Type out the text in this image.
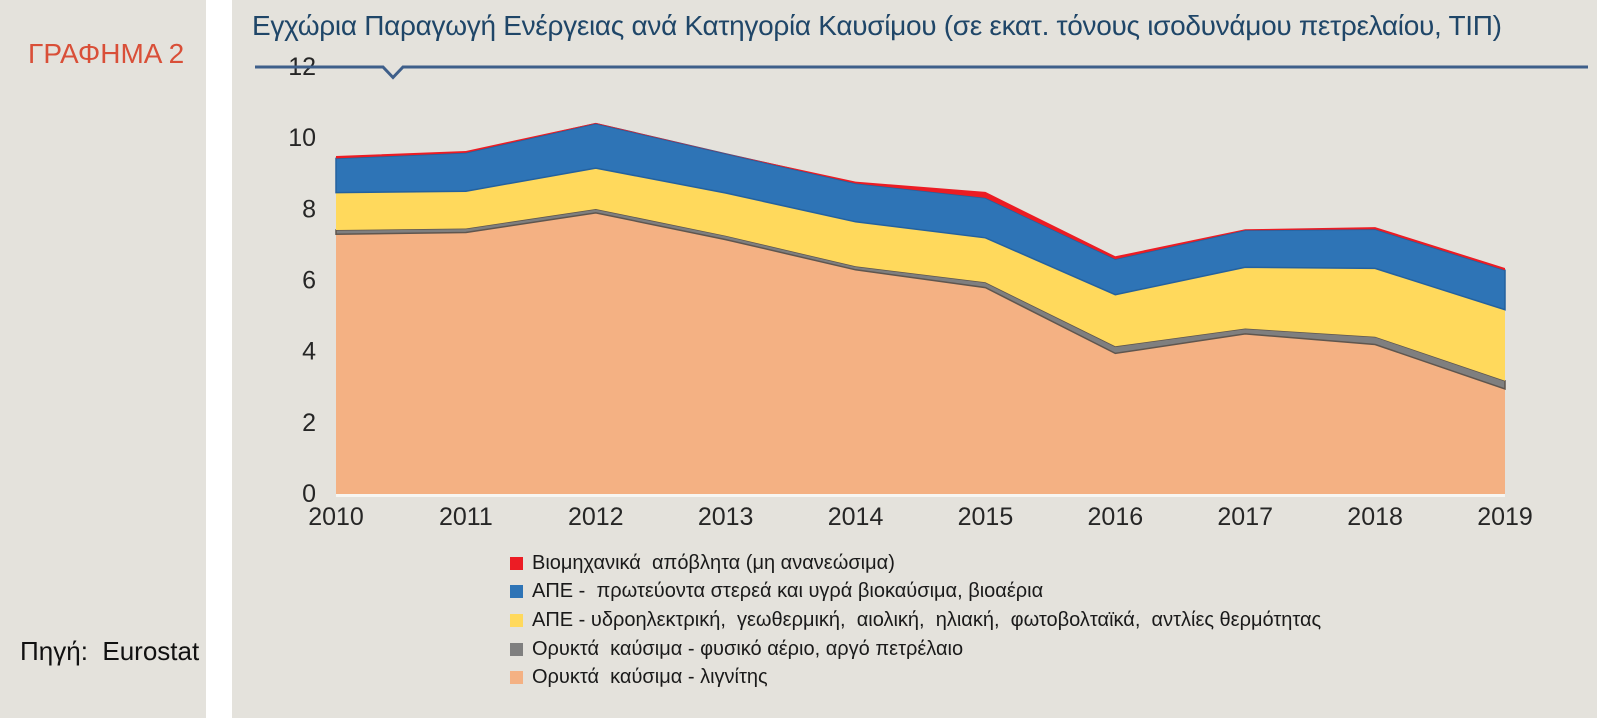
ΓΡΑΦΗΜΑ 2
Πηγή:  Eurostat
Εγχώρια Παραγωγή Ενέργειας ανά Κατηγορία Καυσίμου (σε εκατ. τόνους ισοδυνάμου πετρελαίου, ΤΙΠ)
0
2
4
6
8
10
12
2010	2011	2012	2013	2014	2015	2016	2017	2018	2019
Βιομηχανικά  απόβλητα (μη ανανεώσιμα)
ΑΠΕ -  πρωτεύοντα στερεά και υγρά βιοκαύσιμα, βιοαέρια
ΑΠΕ - υδροηλεκτρική,  γεωθερμική,  αιολική,  ηλιακή,  φωτοβολταϊκά,  αντλίες θερμότητας
Ορυκτά  καύσιμα - φυσικό αέριο, αργό πετρέλαιο
Ορυκτά  καύσιμα - λιγνίτης
